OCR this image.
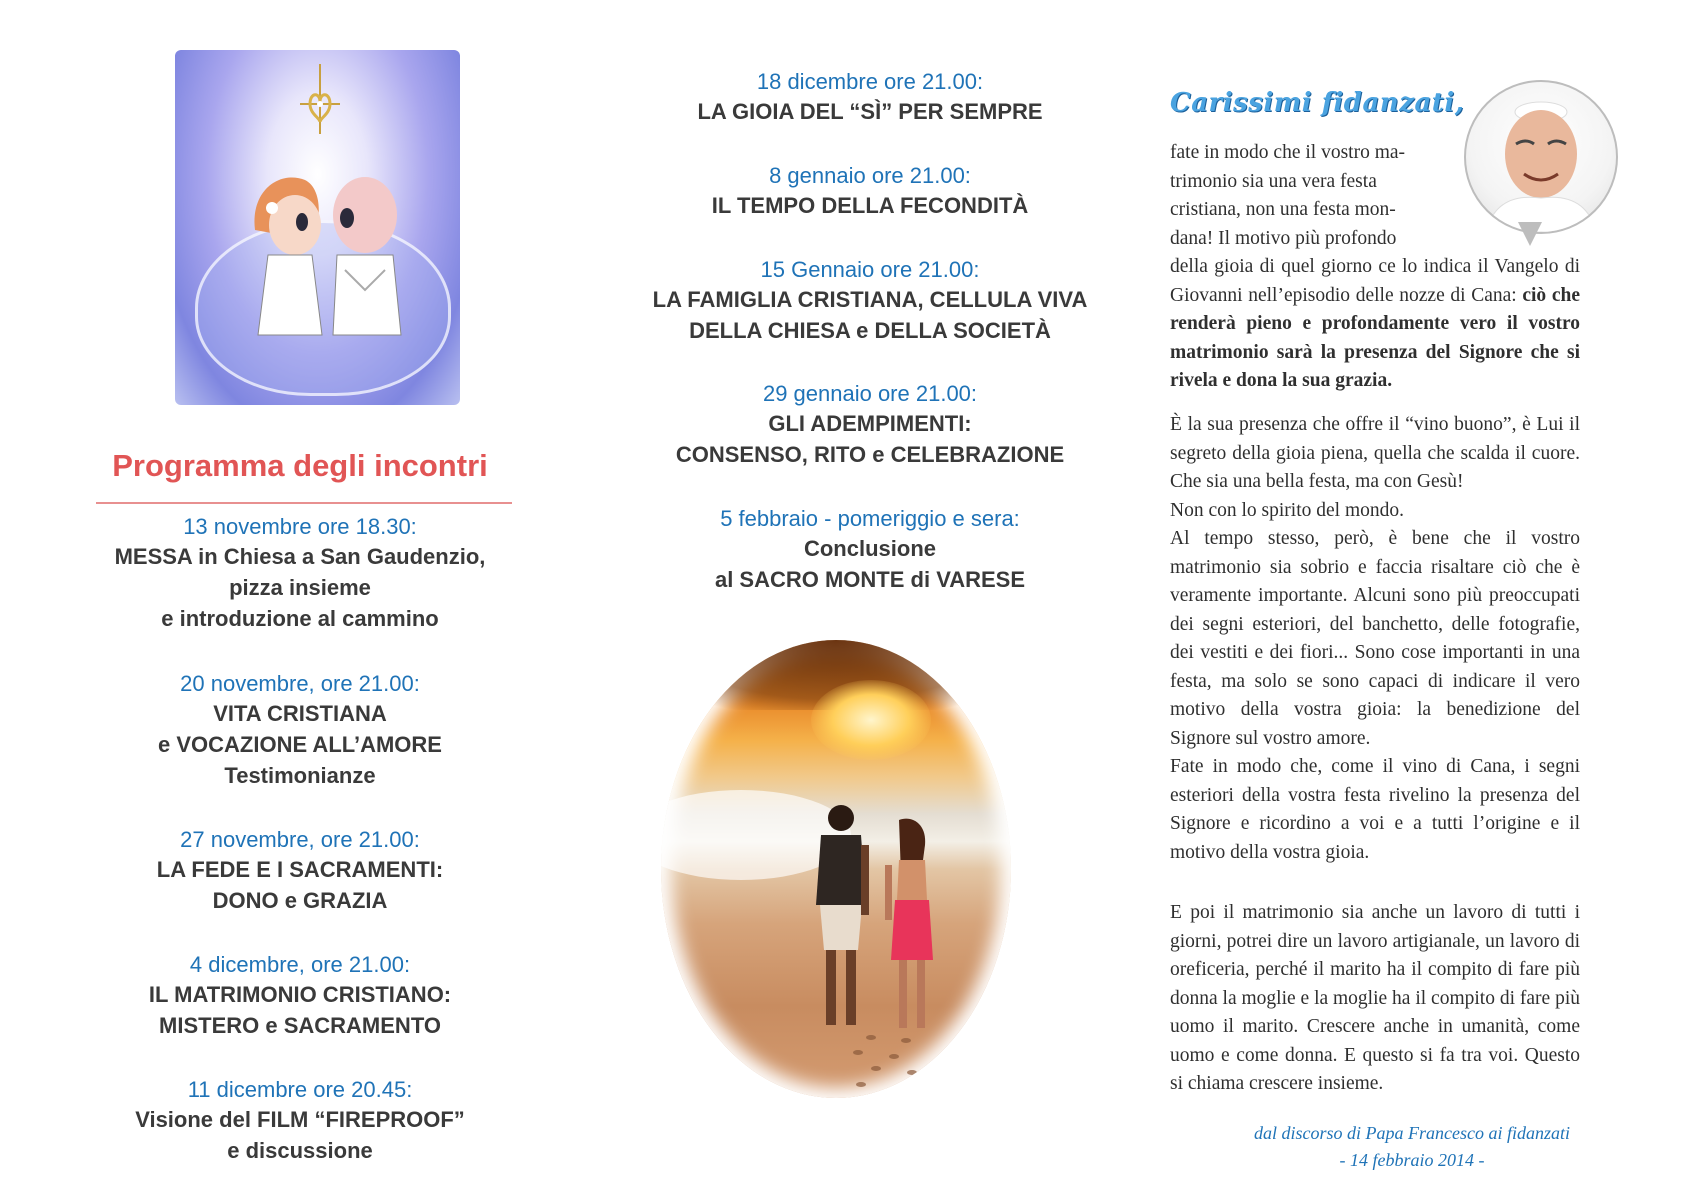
Programma degli incontri
13 novembre ore 18.30:
MESSA in Chiesa a San Gaudenzio,
pizza insieme
e introduzione al cammino
20 novembre, ore 21.00:
VITA CRISTIANA
e VOCAZIONE ALL’AMORE
Testimonianze
27 novembre, ore 21.00:
LA FEDE E I SACRAMENTI:
DONO e GRAZIA
4 dicembre, ore 21.00:
IL MATRIMONIO CRISTIANO:
MISTERO e SACRAMENTO
11 dicembre ore 20.45:
Visione del FILM “FIREPROOF”
e discussione
18 dicembre ore 21.00:
LA GIOIA DEL “SÌ” PER SEMPRE
8 gennaio ore 21.00:
IL TEMPO DELLA FECONDITÀ
15 Gennaio ore 21.00:
LA FAMIGLIA CRISTIANA, CELLULA VIVA
DELLA CHIESA e DELLA SOCIETÀ
29 gennaio ore 21.00:
GLI ADEMPIMENTI:
CONSENSO, RITO e CELEBRAZIONE
5 febbraio - pomeriggio e sera:
Conclusione
al SACRO MONTE di VARESE
Carissimi fidanzati,
fate in modo che il vostro ma-
trimonio sia una vera festa
cristiana, non una festa mon-
dana! Il motivo più profondo
della gioia di quel giorno ce lo indica il Vangelo di Giovanni nell’episodio delle nozze di Cana: ciò che renderà pieno e profondamente vero il vostro matrimonio sarà la presenza del Signore che si rivela e dona la sua grazia.
È la sua presenza che offre il “vino buono”, è Lui il segreto della gioia piena, quella che scalda il cuore. Che sia una bella festa, ma con Gesù!
Non con lo spirito del mondo.
Al tempo stesso, però, è bene che il vostro matrimonio sia sobrio e faccia risaltare ciò che è veramente importante. Alcuni sono più preoccupati dei segni esteriori, del banchetto, delle fotografie, dei vestiti e dei fiori... Sono cose importanti in una festa, ma solo se sono capaci di indicare il vero motivo della vostra gioia: la benedizione del Signore sul vostro amore.
Fate in modo che, come il vino di Cana, i segni esteriori della vostra festa rivelino la presenza del Signore e ricordino a voi e a tutti l’origine e il motivo della vostra gioia.
E poi il matrimonio sia anche un lavoro di tutti i giorni, potrei dire un lavoro artigianale, un lavoro di oreficeria, perché il marito ha il compito di fare più donna la moglie e la moglie ha il compito di fare più uomo il marito. Crescere anche in umanità, come uomo e come donna. E questo si fa tra voi. Questo si chiama crescere insieme.
dal discorso di Papa Francesco ai fidanzati
- 14 febbraio 2014 -
